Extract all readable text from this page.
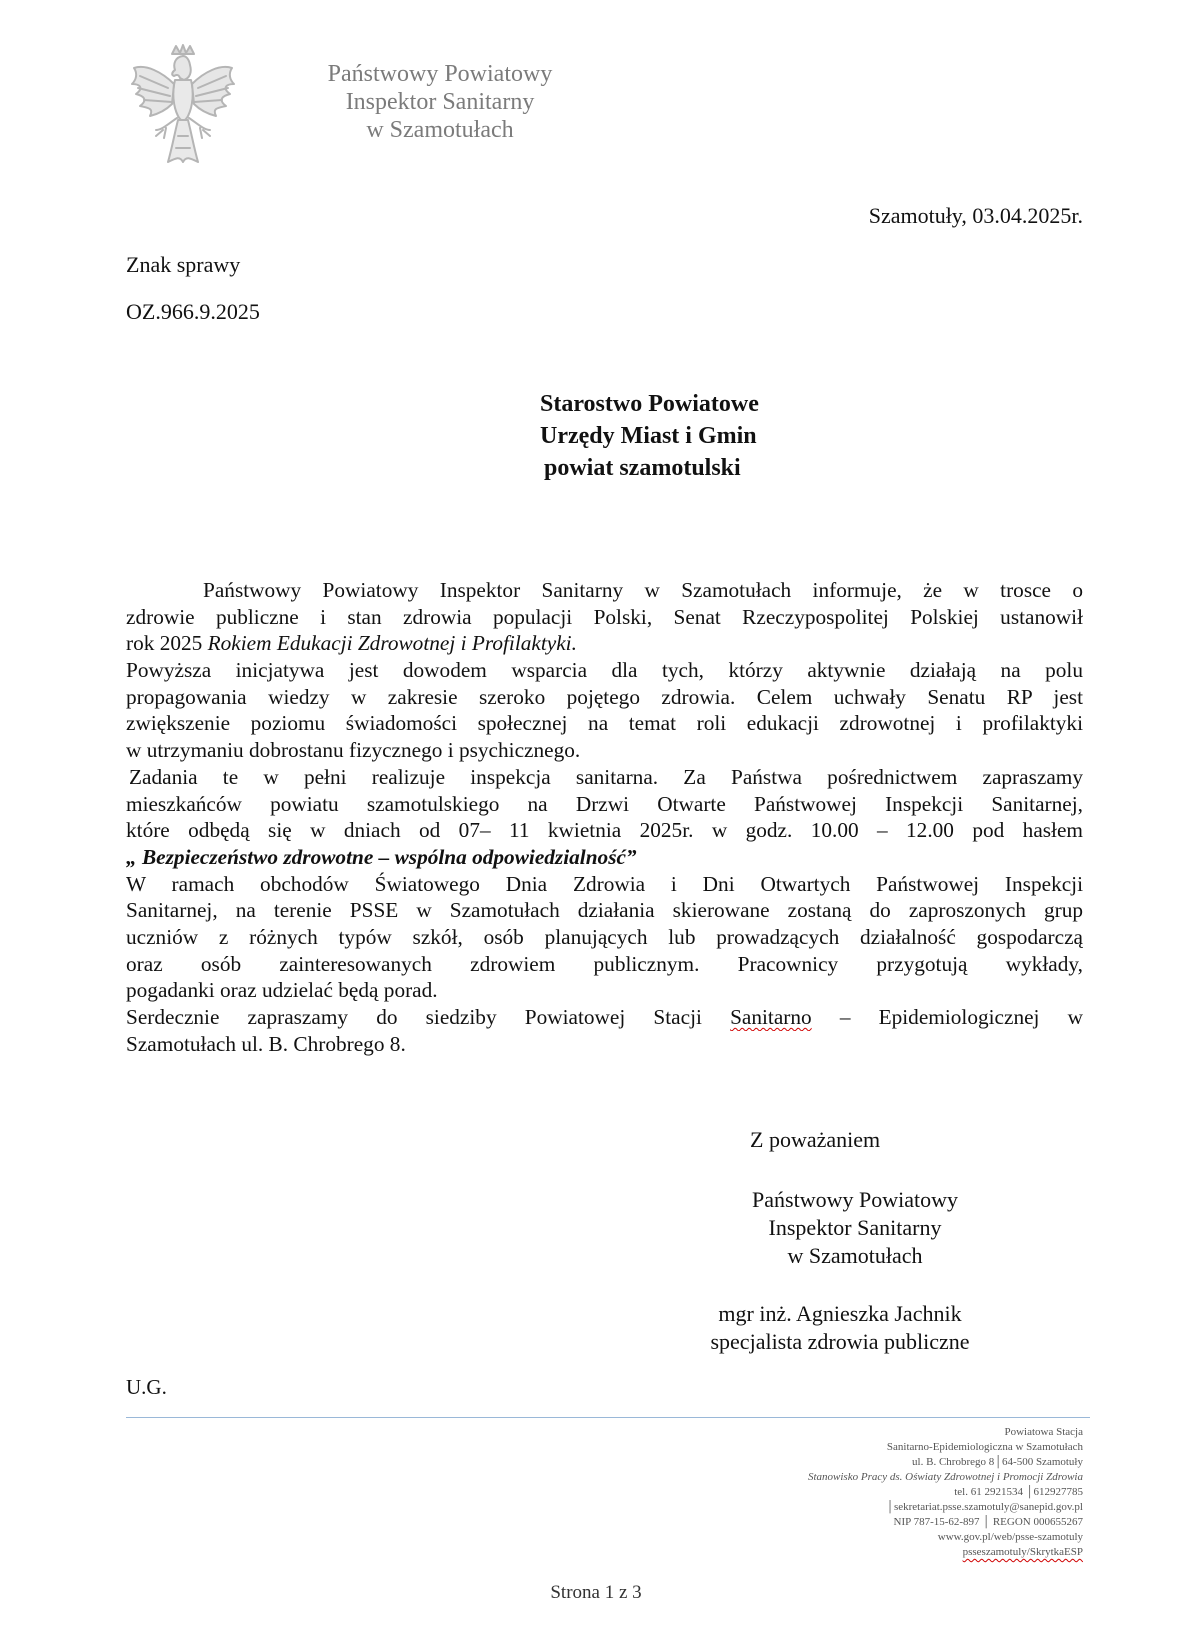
Państwowy Powiatowy
Inspektor Sanitarny
w Szamotułach
Szamotuły, 03.04.2025r.
Znak sprawy
OZ.966.9.2025
Starostwo Powiatowe
Urzędy Miast i Gmin
powiat szamotulski
Państwowy Powiatowy Inspektor Sanitarny w Szamotułach informuje, że w trosce o
zdrowie publiczne i stan zdrowia populacji Polski, Senat Rzeczypospolitej Polskiej ustanowił
rok 2025 Rokiem Edukacji Zdrowotnej i Profilaktyki.
Powyższa inicjatywa jest dowodem wsparcia dla tych, którzy aktywnie działają na polu
propagowania wiedzy w zakresie szeroko pojętego zdrowia. Celem uchwały Senatu RP jest
zwiększenie poziomu świadomości społecznej na temat roli edukacji zdrowotnej i profilaktyki
w utrzymaniu dobrostanu fizycznego i psychicznego.
Zadania te w pełni realizuje inspekcja sanitarna. Za Państwa pośrednictwem zapraszamy
mieszkańców powiatu szamotulskiego na Drzwi Otwarte Państwowej Inspekcji Sanitarnej,
które odbędą się w dniach od 07– 11 kwietnia 2025r. w godz. 10.00 – 12.00 pod hasłem
„ Bezpieczeństwo zdrowotne – wspólna odpowiedzialność”
W ramach obchodów Światowego Dnia Zdrowia i Dni Otwartych Państwowej Inspekcji
Sanitarnej, na terenie PSSE w Szamotułach działania skierowane zostaną do zaproszonych grup
uczniów z różnych typów szkół, osób planujących lub prowadzących działalność gospodarczą
oraz osób zainteresowanych zdrowiem publicznym. Pracownicy przygotują wykłady,
pogadanki oraz udzielać będą porad.
Serdecznie zapraszamy do siedziby Powiatowej Stacji Sanitarno – Epidemiologicznej w
Szamotułach ul. B. Chrobrego 8.
Z poważaniem
Państwowy Powiatowy
Inspektor Sanitarny
w Szamotułach
mgr inż. Agnieszka Jachnik
specjalista zdrowia publiczne
U.G.
Powiatowa Stacja
Sanitarno-Epidemiologiczna w Szamotułach
ul. B. Chrobrego 8│64-500 Szamotuły
Stanowisko Pracy ds. Oświaty Zdrowotnej i Promocji Zdrowia
tel. 61 2921534 │612927785
│sekretariat.psse.szamotuly@sanepid.gov.pl
NIP 787-15-62-897 │ REGON 000655267
www.gov.pl/web/psse-szamotuly
psseszamotuly/SkrytkaESP
Strona 1 z 3
